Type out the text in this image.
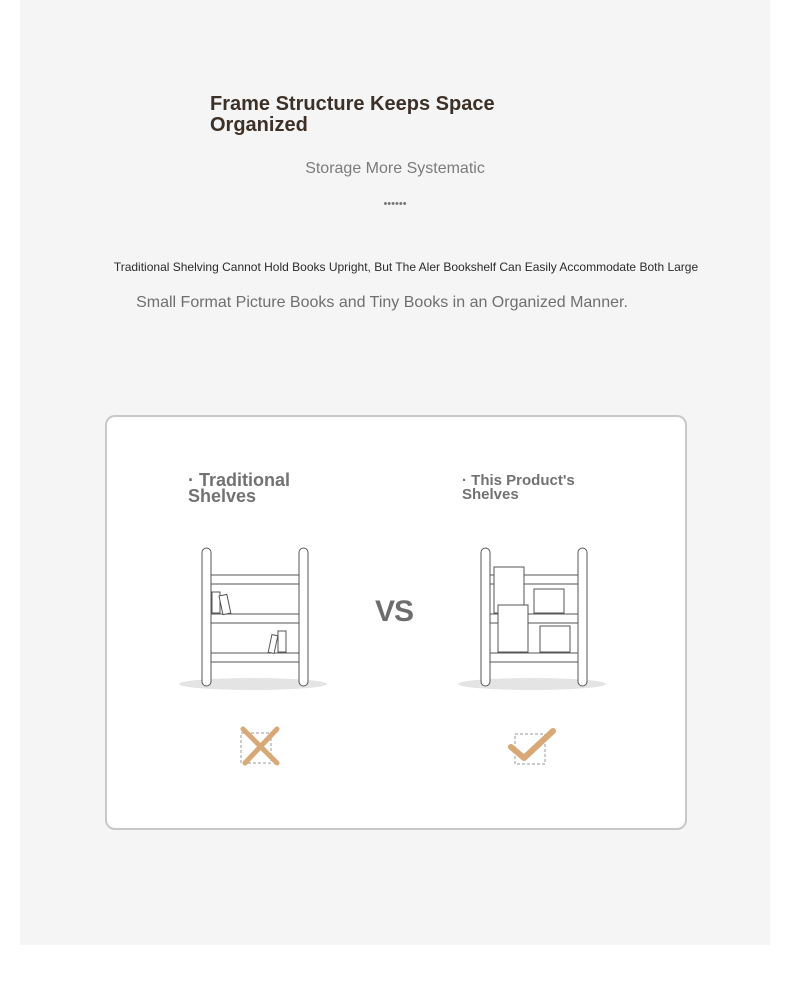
Frame Structure Keeps Space Organized

Storage More Systematic

••••••

Traditional Shelving Cannot Hold Books Upright, But The Aler Bookshelf Can Easily Accommodate Both Large

Small Format Picture Books and Tiny Books in an Organized Manner.

· Traditional Shelves

· This Product's Shelves

VS
